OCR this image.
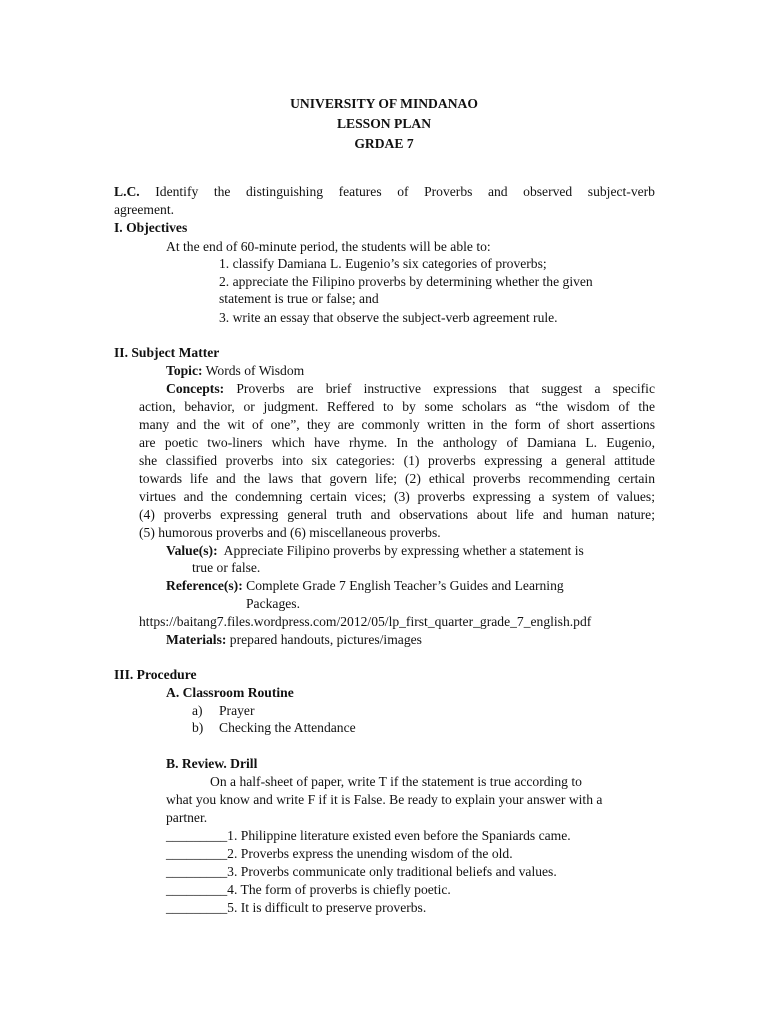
UNIVERSITY OF MINDANAO
LESSON PLAN
GRDAE 7
L.C. Identify the distinguishing features of Proverbs and observed subject-verb
agreement.
I. Objectives
At the end of 60-minute period, the students will be able to:
1. classify Damiana L. Eugenio’s six categories of proverbs;
2. appreciate the Filipino proverbs by determining whether the given
statement is true or false; and
3. write an essay that observe the subject-verb agreement rule.
II. Subject Matter
Topic: Words of Wisdom
Concepts: Proverbs are brief instructive expressions that suggest a specific
action, behavior, or judgment. Reffered to by some scholars as “the wisdom of the
many and the wit of one”, they are commonly written in the form of short assertions
are poetic two-liners which have rhyme. In the anthology of Damiana L. Eugenio,
she classified proverbs into six categories: (1) proverbs expressing a general attitude
towards life and the laws that govern life; (2) ethical proverbs recommending certain
virtues and the condemning certain vices; (3) proverbs expressing a system of values;
(4) proverbs expressing general truth and observations about life and human nature;
(5) humorous proverbs and (6) miscellaneous proverbs.
Value(s): Appreciate Filipino proverbs by expressing whether a statement is
true or false.
Reference(s): Complete Grade 7 English Teacher’s Guides and Learning
Packages.
https://baitang7.files.wordpress.com/2012/05/lp_first_quarter_grade_7_english.pdf
Materials: prepared handouts, pictures/images
III. Procedure
A. Classroom Routine
a) Prayer
b) Checking the Attendance
B. Review. Drill
On a half-sheet of paper, write T if the statement is true according to
what you know and write F if it is False. Be ready to explain your answer with a
partner.
_________1. Philippine literature existed even before the Spaniards came.
_________2. Proverbs express the unending wisdom of the old.
_________3. Proverbs communicate only traditional beliefs and values.
_________4. The form of proverbs is chiefly poetic.
_________5. It is difficult to preserve proverbs.
